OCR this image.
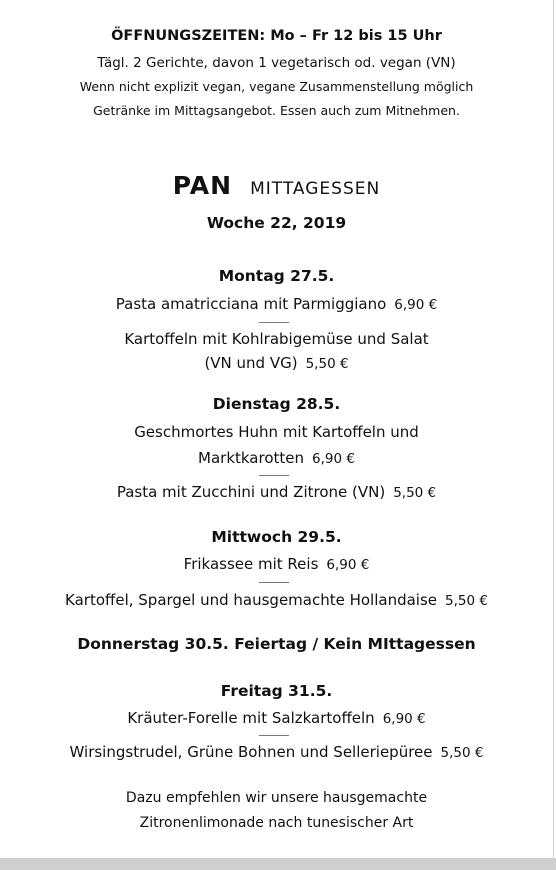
ÖFFNUNGSZEITEN: Mo – Fr 12 bis 15 Uhr
Tägl. 2 Gerichte, davon 1 vegetarisch od. vegan (VN)
Wenn nicht explizit vegan, vegane Zusammenstellung möglich
Getränke im Mittagsangebot. Essen auch zum Mitnehmen.
PAN MITTAGESSEN
Woche 22, 2019
Montag 27.5.
Pasta amatricciana mit Parmiggiano 6,90 €
Kartoffeln mit Kohlrabigemüse und Salat
(VN und VG) 5,50 €
Dienstag 28.5.
Geschmortes Huhn mit Kartoffeln und
Marktkarotten 6,90 €
Pasta mit Zucchini und Zitrone (VN) 5,50 €
Mittwoch 29.5.
Frikassee mit Reis 6,90 €
Kartoffel, Spargel und hausgemachte Hollandaise 5,50 €
Donnerstag 30.5. Feiertag / Kein MIttagessen
Freitag 31.5.
Kräuter-Forelle mit Salzkartoffeln 6,90 €
Wirsingstrudel, Grüne Bohnen und Selleriepüree 5,50 €
Dazu empfehlen wir unsere hausgemachte
Zitronenlimonade nach tunesischer Art
